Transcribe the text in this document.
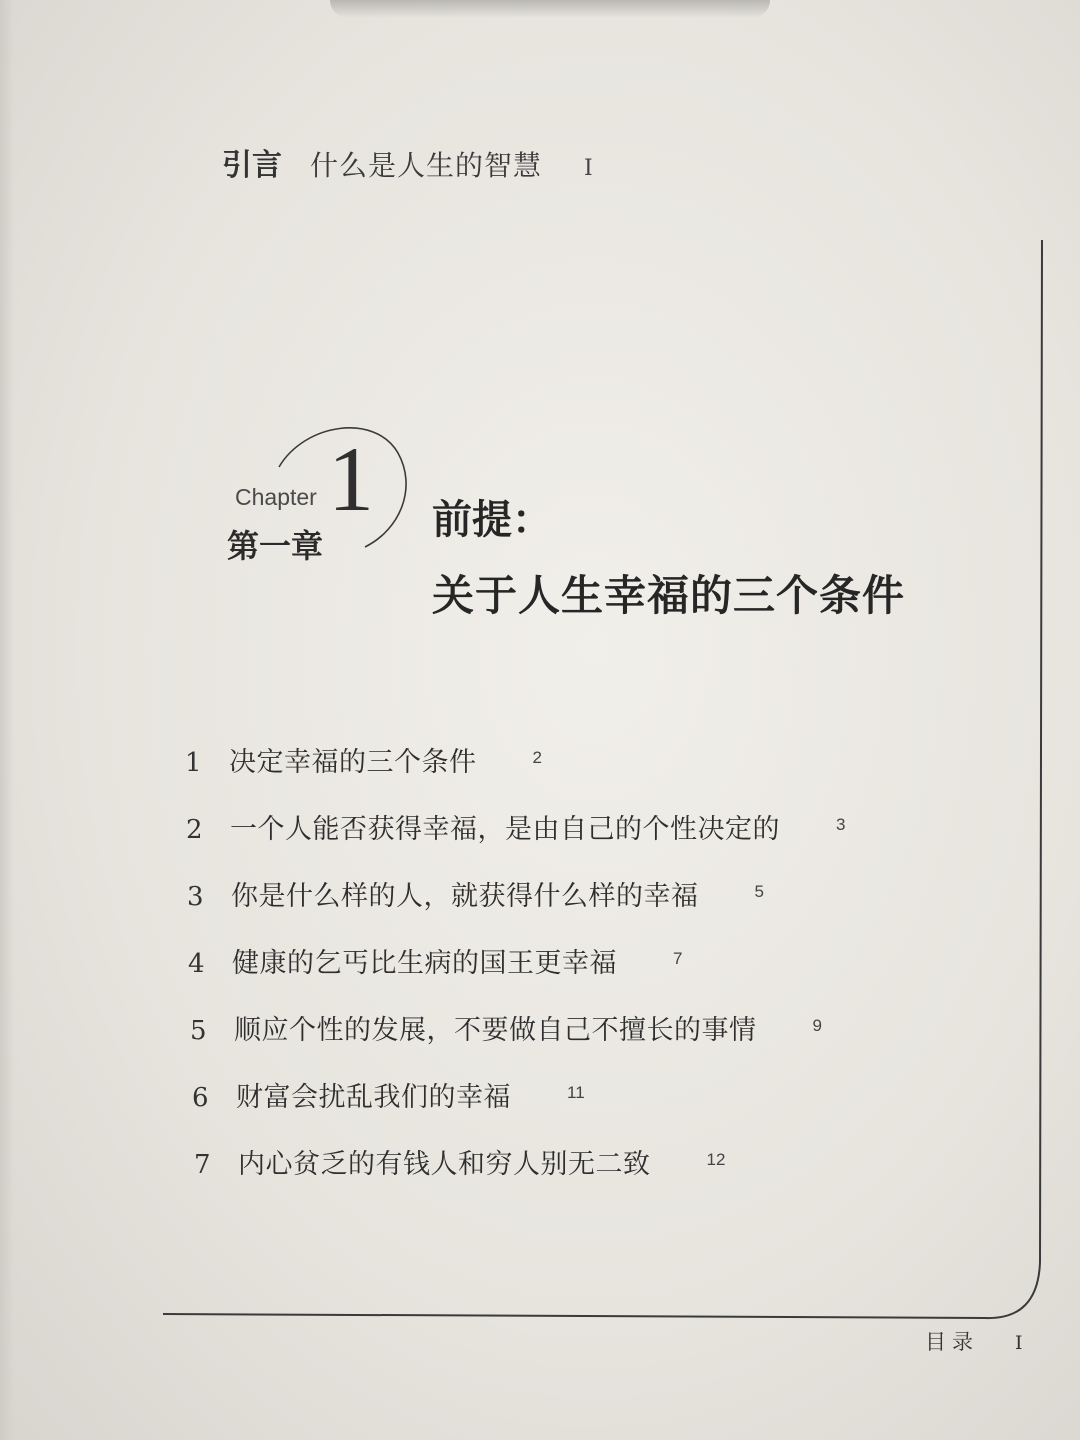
引言 什么是人生的智慧 I
Chapter 1
第一章
前提：
关于人生幸福的三个条件
1	决定幸福的三个条件	2
2	一个人能否获得幸福，是由自己的个性决定的	3
3	你是什么样的人，就获得什么样的幸福	5
4	健康的乞丐比生病的国王更幸福	7
5	顺应个性的发展，不要做自己不擅长的事情	9
6	财富会扰乱我们的幸福	11
7	内心贫乏的有钱人和穷人别无二致	12
目录 I
